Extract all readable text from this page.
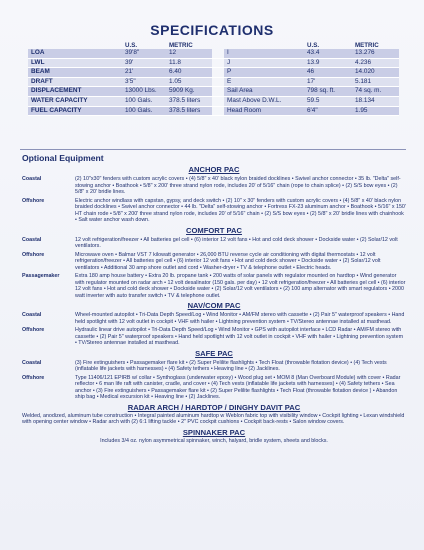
SPECIFICATIONS
	U.S.	METRIC			U.S.	METRIC
LOA	39'8"	12		I	43.4	13.276
LWL	39'	11.8		J	13.9	4.236
BEAM	21'	6.40		P	46	14.020
DRAFT	3'5"	1.05		E	17'	5.181
DISPLACEMENT	13000 Lbs.	5909 Kg.		Sail Area	798 sq. ft.	74 sq. m.
WATER CAPACITY	100 Gals.	378.5 liters		Mast Above D.W.L.	59.5	18.134
FUEL CAPACITY	100 Gals.	378.5 liters		Head Room	6'4"	1.95
Optional Equipment
ANCHOR PAC
Coastal	(2) 10"x30" fenders with custom acrylic covers • (4) 5/8" x 40' black nylon braided docklines • Swivel anchor connector • 35 lb. "Delta" self-stowing anchor • Boathook • 5/8" x 200' three strand nylon rode, includes 20' of 5/16" chain (rope to chain splice) • (2) S/S bow eyes • (2) 5/8" x 20' bridle lines.
Offshore	Electric anchor windlass with capstan, gypsy, and deck switch • (2) 10" x 30" fenders with custom acrylic covers • (4) 5/8" x 40' black nylon braided docklines • Swivel anchor connector • 44 lb. "Delta" self-stowing anchor • Fortress FX-23 aluminum anchor • Boathook • 5/16" x 150' HT chain rode • 5/8" x 200' three strand nylon rode, includes 20' of 5/16" chain • (2) S/S bow eyes • (2) 5/8" x 20' bridle lines with chainhook • Salt water anchor wash down.
COMFORT PAC
Coastal	12 volt refrigeration/freezer • All batteries gel cell • (6) interior 12 volt fans • Hot and cold deck shower • Dockside water • (2) Solar/12 volt ventilators.
Offshore	Microwave oven • Balmar VST 7 kilowatt generator • 26,000 BTU reverse cycle air conditioning with digital thermostats • 12 volt refrigeration/freezer • All batteries gel cell • (6) interior 12 volt fans • Hot and cold deck shower • Dockside water • (2) Solar/12 volt ventilators • Additional 30 amp shore outlet and cord • Washer-dryer • TV & telephone outlet • Electric heads.
Passagemaker	Extra 180 amp house battery • Extra 20 lb. propane tank • 200 watts of solar panels with regulator mounted on hardtop • Wind generator with regulator mounted on radar arch • 12 volt desalinator (150 gals. per day) • 12 volt refrigeration/freezer • All batteries gel cell • (6) interior 12 volt fans • Hot and cold deck shower • Dockside water • (2) Solar/12 volt ventilators • (2) 100 amp alternator with smart regulators • 2000 watt inverter with auto transfer switch • TV & telephone outlet.
NAV/COM PAC
Coastal	Wheel-mounted autopilot • Tri-Data Depth Speed/Log • Wind Monitor • AM/FM stereo with cassette • (2) Pair 5" waterproof speakers • Hand held spotlight with 12 volt outlet in cockpit • VHF with hailer • Lightning prevention system • TV/Stereo antennae installed at masthead.
Offshore	Hydraulic linear drive autopilot • Tri-Data Depth Speed/Log • Wind Monitor • GPS with autopilot interface • LCD Radar • AM/FM stereo with cassette • (2) Pair 5" waterproof speakers • Hand held spotlight with 12 volt outlet in cockpit • VHF with hailer • Lightning prevention system • TV/Stereo antennae installed at masthead.
SAFE PAC
Coastal	(3) Fire extinguishers • Passagemaker flare kit • (2) Super Pelilite flashlights • Tech Float (throwable flotation device) • (4) Tech vests (inflatable life jackets with harnesses) • (4) Safety tethers • Heaving line • (2) Jacklines.
Offshore	Type 11406/121 EPIRB w/ collar • Synthoglass (underwater epoxy) • Wood plug set • MOM 8 (Man Overboard Module) with cover • Radar reflector • 6 man life raft with canister, cradle, and cover • (4) Tech vests (inflatable life jackets with harnesses) • (4) Safety tethers • Sea anchor • (3) Fire extinguishers • Passagemaker flare kit • (2) Super Pelilite flashlights • Tech Float (throwable flotation device ) • Abandon ship bag • Medical excursion kit • Heaving line • (2) Jacklines.
RADAR ARCH / HARDTOP / DINGHY DAVIT PAC
Welded, anodized, aluminum tube construction • Integral painted aluminum hardtop w Weblon fabric top with visibility window • Cockpit lighting • Lexan windshield with opening center window • Radar arch with (2) 6:1 lifting tackle • 2" PVC cockpit cushions • Cockpit back-rests • Salon window covers.
SPINNAKER PAC
Includes 3/4 oz. nylon asymmetrical spinnaker, winch, halyard, bridle system, sheets and blocks.
